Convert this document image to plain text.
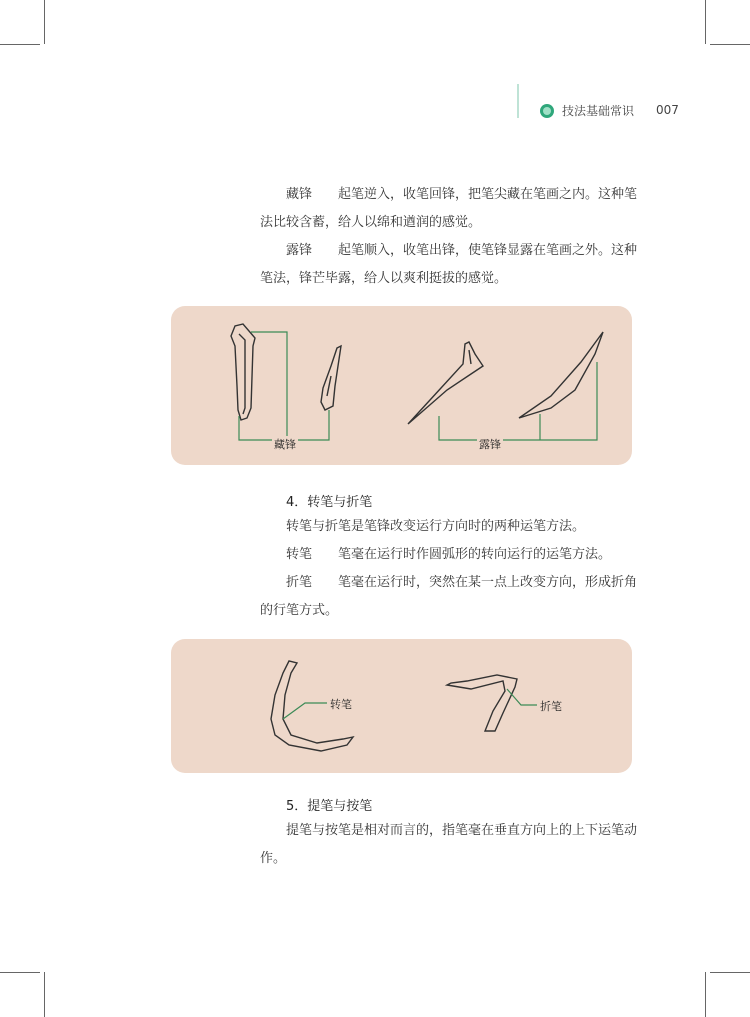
技法基础常识 007

藏锋 起笔逆入，收笔回锋，把笔尖藏在笔画之内。这种笔法比较含蓄，给人以绵和遒润的感觉。

露锋 起笔顺入，收笔出锋，使笔锋显露在笔画之外。这种笔法，锋芒毕露，给人以爽利挺拔的感觉。

藏锋	露锋

4．转笔与折笔

转笔与折笔是笔锋改变运行方向时的两种运笔方法。

转笔 笔毫在运行时作圆弧形的转向运行的运笔方法。

折笔 笔毫在运行时，突然在某一点上改变方向，形成折角的行笔方式。

转笔	折笔

5．提笔与按笔

提笔与按笔是相对而言的，指笔毫在垂直方向上的上下运笔动作。
